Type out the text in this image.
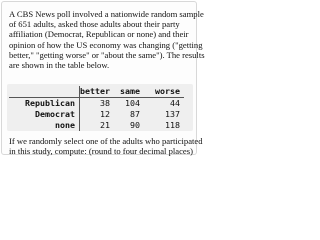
A CBS News poll involved a nationwide random sample
of 651 adults, asked those adults about their party
affiliation (Democrat, Republican or none) and their
opinion of how the US economy was changing ("getting
better," "getting worse" or "about the same"). The results
are shown in the table below.
	better	same	worse
Republican	38	104	44
Democrat	12	87	137
none	21	90	118
If we randomly select one of the adults who participated
in this study, compute: (round to four decimal places)
